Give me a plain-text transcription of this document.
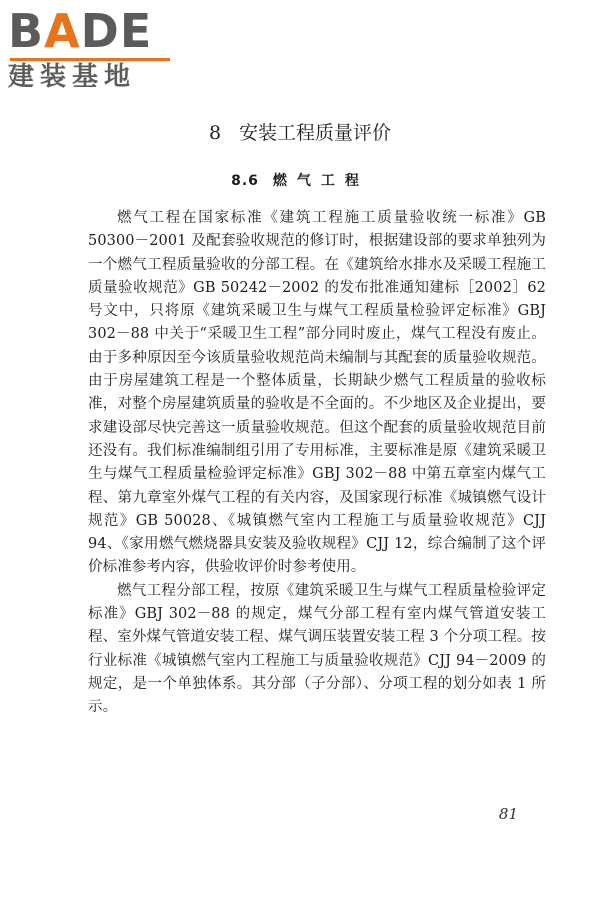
BADE
建装基地
8 安装工程质量评价
8.6 燃气工程

燃气工程在国家标准《建筑工程施工质量验收统一标准》GB 50300－2001 及配套验收规范的修订时，根据建设部的要求单独列为一个燃气工程质量验收的分部工程。在《建筑给水排水及采暖工程施工质量验收规范》GB 50242－2002 的发布批准通知建标［2002］62 号文中，只将原《建筑采暖卫生与煤气工程质量检验评定标准》GBJ 302－88 中关于“采暖卫生工程”部分同时废止，煤气工程没有废止。由于多种原因至今该质量验收规范尚未编制与其配套的质量验收规范。由于房屋建筑工程是一个整体质量，长期缺少燃气工程质量的验收标准，对整个房屋建筑质量的验收是不全面的。不少地区及企业提出，要求建设部尽快完善这一质量验收规范。但这个配套的质量验收规范目前还没有。我们标准编制组引用了专用标准，主要标准是原《建筑采暖卫生与煤气工程质量检验评定标准》GBJ 302－88 中第五章室内煤气工程、第九章室外煤气工程的有关内容，及国家现行标准《城镇燃气设计规范》GB 50028、《城镇燃气室内工程施工与质量验收规范》CJJ 94、《家用燃气燃烧器具安装及验收规程》CJJ 12，综合编制了这个评价标准参考内容，供验收评价时参考使用。

燃气工程分部工程，按原《建筑采暖卫生与煤气工程质量检验评定标准》GBJ 302－88 的规定，煤气分部工程有室内煤气管道安装工程、室外煤气管道安装工程、煤气调压装置安装工程 3 个分项工程。按行业标准《城镇燃气室内工程施工与质量验收规范》CJJ 94－2009 的规定，是一个单独体系。其分部（子分部）、分项工程的划分如表 1 所示。

81
